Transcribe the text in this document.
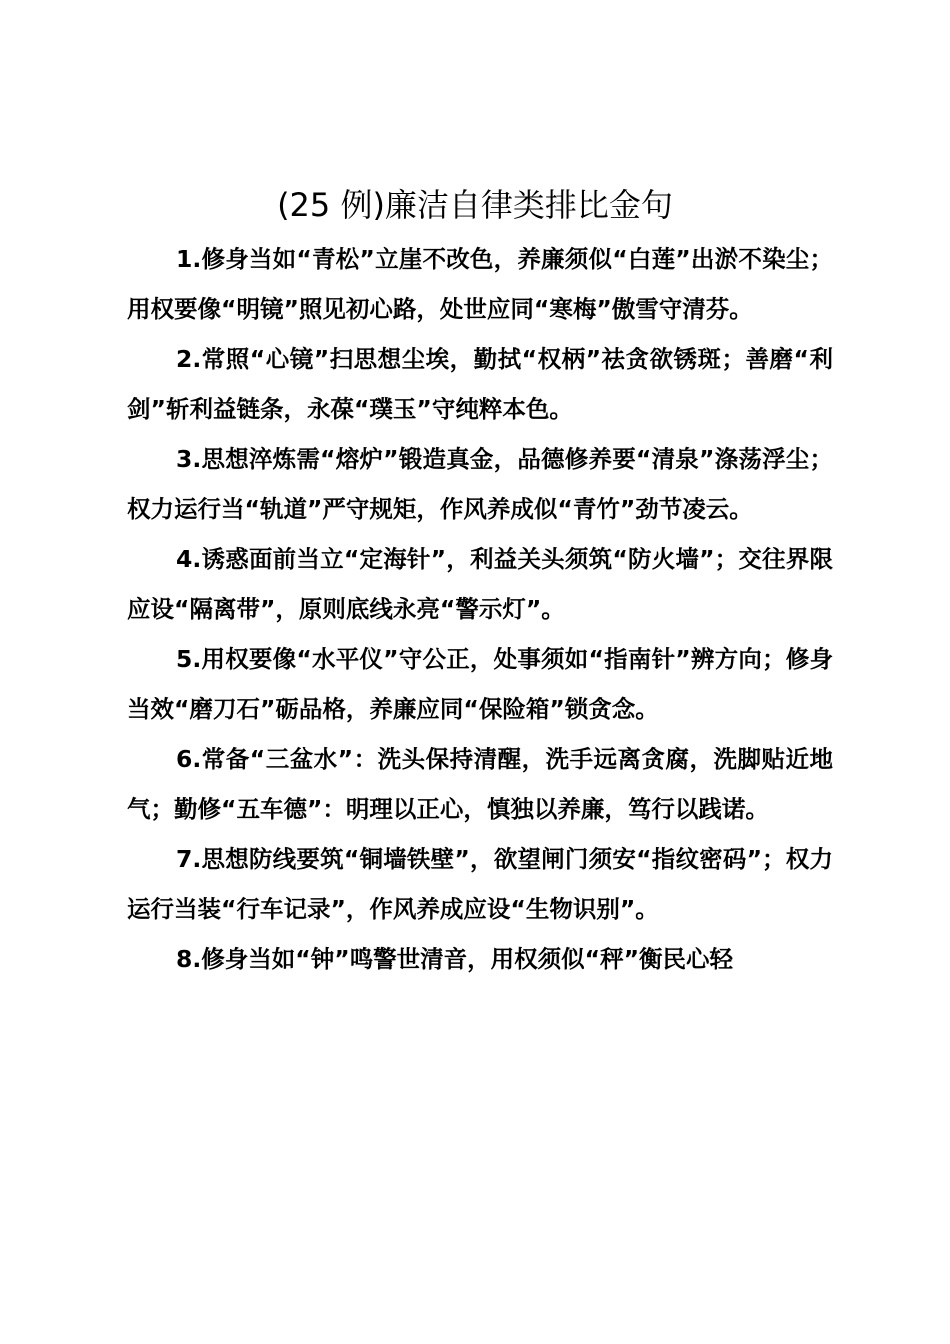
(25 例)廉洁自律类排比金句

1.修身当如“青松”立崖不改色，养廉须似“白莲”出淤不染尘；用权要像“明镜”照见初心路，处世应同“寒梅”傲雪守清芬。

2.常照“心镜”扫思想尘埃，勤拭“权柄”祛贪欲锈斑；善磨“利剑”斩利益链条，永葆“璞玉”守纯粹本色。

3.思想淬炼需“熔炉”锻造真金，品德修养要“清泉”涤荡浮尘；权力运行当“轨道”严守规矩，作风养成似“青竹”劲节凌云。

4.诱惑面前当立“定海针”，利益关头须筑“防火墙”；交往界限应设“隔离带”，原则底线永亮“警示灯”。

5.用权要像“水平仪”守公正，处事须如“指南针”辨方向；修身当效“磨刀石”砺品格，养廉应同“保险箱”锁贪念。

6.常备“三盆水”：洗头保持清醒，洗手远离贪腐，洗脚贴近地气；勤修“五车德”：明理以正心，慎独以养廉，笃行以践诺。

7.思想防线要筑“铜墙铁壁”，欲望闸门须安“指纹密码”；权力运行当装“行车记录”，作风养成应设“生物识别”。

8.修身当如“钟”鸣警世清音，用权须似“秤”衡民心轻
